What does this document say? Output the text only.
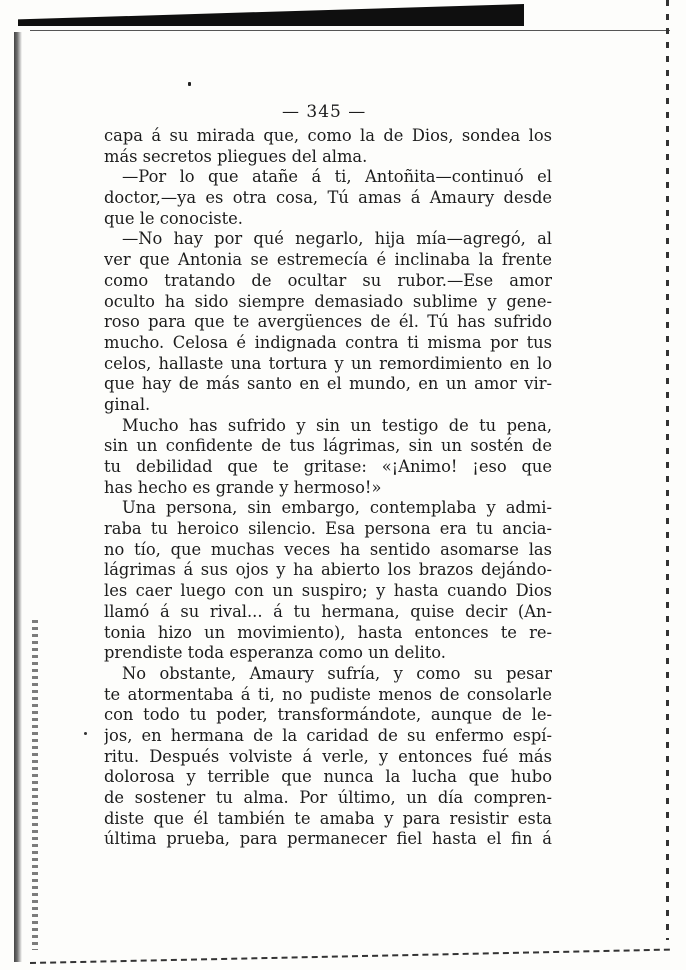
— 345 —
capa á su mirada que, como la de Dios, sondea los
más secretos pliegues del alma.
—Por lo que atañe á ti, Antoñita—continuó el
doctor,—ya es otra cosa, Tú amas á Amaury desde
que le conociste.
—No hay por qué negarlo, hija mía—agregó, al
ver que Antonia se estremecía é inclinaba la frente
como tratando de ocultar su rubor.—Ese amor
oculto ha sido siempre demasiado sublime y gene-
roso para que te avergüences de él. Tú has sufrido
mucho. Celosa é indignada contra ti misma por tus
celos, hallaste una tortura y un remordimiento en lo
que hay de más santo en el mundo, en un amor vir-
ginal.
Mucho has sufrido y sin un testigo de tu pena,
sin un confidente de tus lágrimas, sin un sostén de
tu debilidad que te gritase: «¡Animo! ¡eso que
has hecho es grande y hermoso!»
Una persona, sin embargo, contemplaba y admi-
raba tu heroico silencio. Esa persona era tu ancia-
no tío, que muchas veces ha sentido asomarse las
lágrimas á sus ojos y ha abierto los brazos dejándo-
les caer luego con un suspiro; y hasta cuando Dios
llamó á su rival... á tu hermana, quise decir (An-
tonia hizo un movimiento), hasta entonces te re-
prendiste toda esperanza como un delito.
No obstante, Amaury sufría, y como su pesar
te atormentaba á ti, no pudiste menos de consolarle
con todo tu poder, transformándote, aunque de le-
jos, en hermana de la caridad de su enfermo espí-
ritu. Después volviste á verle, y entonces fué más
dolorosa y terrible que nunca la lucha que hubo
de sostener tu alma. Por último, un día compren-
diste que él también te amaba y para resistir esta
última prueba, para permanecer fiel hasta el fin á
